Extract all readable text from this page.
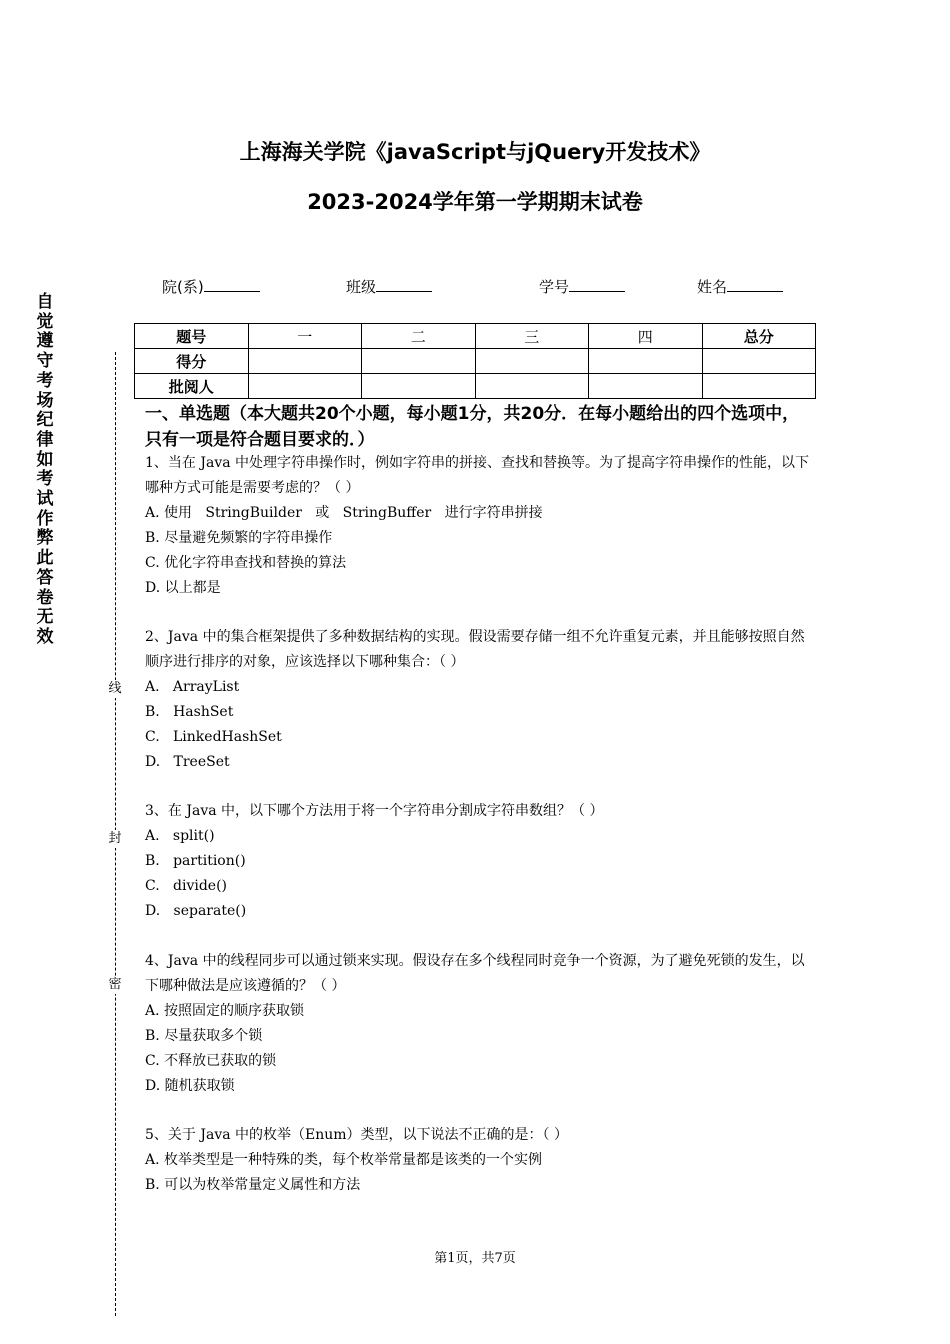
上海海关学院《javaScript与jQuery开发技术》
2023-2024学年第一学期期末试卷
自觉遵守考场纪律如考试作弊此答卷无效
线
封
密
院(系)	班级	学号	姓名
题号	一	二	三	四	总分
得分					
批阅人					
一、单选题（本大题共20个小题，每小题1分，共20分．在每小题给出的四个选项中，只有一项是符合题目要求的．）
1、当在 Java 中处理字符串操作时，例如字符串的拼接、查找和替换等。为了提高字符串操作的性能，以下哪种方式可能是需要考虑的？（ ）
A. 使用   StringBuilder   或   StringBuffer   进行字符串拼接
B. 尽量避免频繁的字符串操作
C. 优化字符串查找和替换的算法
D. 以上都是
2、Java 中的集合框架提供了多种数据结构的实现。假设需要存储一组不允许重复元素，并且能够按照自然顺序进行排序的对象，应该选择以下哪种集合：（ ）
A.   ArrayList
B.   HashSet
C.   LinkedHashSet
D.   TreeSet
3、在 Java 中，以下哪个方法用于将一个字符串分割成字符串数组？（ ）
A.   split()
B.   partition()
C.   divide()
D.   separate()
4、Java 中的线程同步可以通过锁来实现。假设存在多个线程同时竞争一个资源，为了避免死锁的发生，以下哪种做法是应该遵循的？（ ）
A. 按照固定的顺序获取锁
B. 尽量获取多个锁
C. 不释放已获取的锁
D. 随机获取锁
5、关于 Java 中的枚举（Enum）类型，以下说法不正确的是：（ ）
A. 枚举类型是一种特殊的类，每个枚举常量都是该类的一个实例
B. 可以为枚举常量定义属性和方法
第1页，共7页
